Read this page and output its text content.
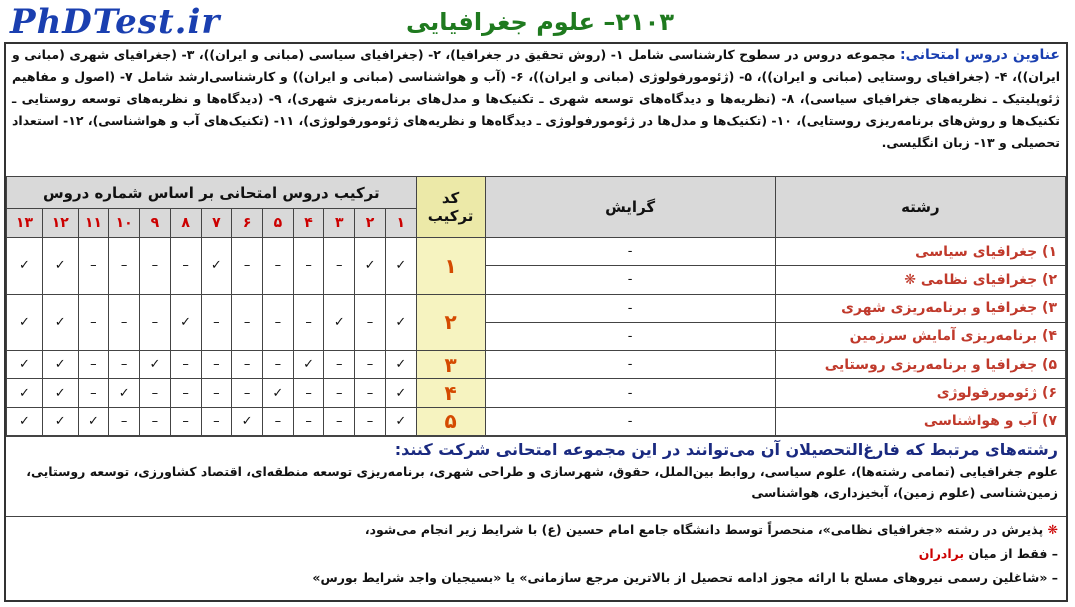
PhDTest.ir	۲۱۰۳– علوم جغرافیایی
عناوین دروس امتحانی: مجموعه دروس در سطوح کارشناسی شامل ۱- (روش تحقیق در جغرافیا)، ۲- (جغرافیای سیاسی (مبانی و ایران))، ۳- (جغرافیای شهری (مبانی و ایران))، ۴- (جغرافیای روستایی (مبانی و ایران))، ۵- (ژئومورفولوژی (مبانی و ایران))، ۶- (آب و هواشناسی (مبانی و ایران)) و کارشناسی‌ارشد شامل ۷- (اصول و مفاهیم ژئوپلیتیک ـ نظریه‌های جغرافیای سیاسی)، ۸- (نظریه‌ها و دیدگاه‌های توسعه شهری ـ تکنیک‌ها و مدل‌های برنامه‌ریزی شهری)، ۹- (دیدگاه‌ها و نظریه‌های توسعه روستایی ـ تکنیک‌ها و روش‌های برنامه‌ریزی روستایی)، ۱۰- (تکنیک‌ها و مدل‌ها در ژئومورفولوژی ـ دیدگاه‌ها و نظریه‌های ژئومورفولوژی)، ۱۱- (تکنیک‌های آب و هواشناسی)، ۱۲- استعداد تحصیلی و ۱۳- زبان انگلیسی.
رشته	گرایش	کد ترکیب	ترکیب دروس امتحانی بر اساس شماره دروس												
			۱	۲	۳	۴	۵	۶	۷	۸	۹	۱۰	۱۱	۱۲	۱۳
۱) جغرافیای سیاسی	-	۱	✓	✓	–	–	–	–	✓	–	–	–	–	✓	✓
۲) جغرافیای نظامی ❋	-														
۳) جغرافیا و برنامه‌ریزی شهری	-	۲	✓	–	✓	–	–	–	–	✓	–	–	–	✓	✓
۴) برنامه‌ریزی آمایش سرزمین	-														
۵) جغرافیا و برنامه‌ریزی روستایی	-	۳	✓	–	–	✓	–	–	–	–	✓	–	–	✓	✓
۶) ژئومورفولوژی	-	۴	✓	–	–	–	✓	–	–	–	–	✓	–	✓	✓
۷) آب و هواشناسی	-	۵	✓	–	–	–	–	✓	–	–	–	–	✓	✓	✓
رشته‌های مرتبط که فارغ‌التحصیلان آن می‌توانند در این مجموعه امتحانی شرکت کنند:

علوم جغرافیایی (تمامی رشته‌ها)، علوم سیاسی، روابط بین‌الملل، حقوق، شهرسازی و طراحی شهری، برنامه‌ریزی توسعه منطقه‌ای، اقتصاد کشاورزی، توسعه روستایی،

زمین‌شناسی (علوم زمین)، آبخیزداری، هواشناسی

❋ پذیرش در رشته «جغرافیای نظامی»، منحصراً توسط دانشگاه جامع امام حسین (ع) با شرایط زیر انجام می‌شود،
– فقط از میان برادران
– «شاغلین رسمی نیروهای مسلح با ارائه مجوز ادامه تحصیل از بالاترین مرجع سازمانی» یا «بسیجیان واجد شرایط بورس»
